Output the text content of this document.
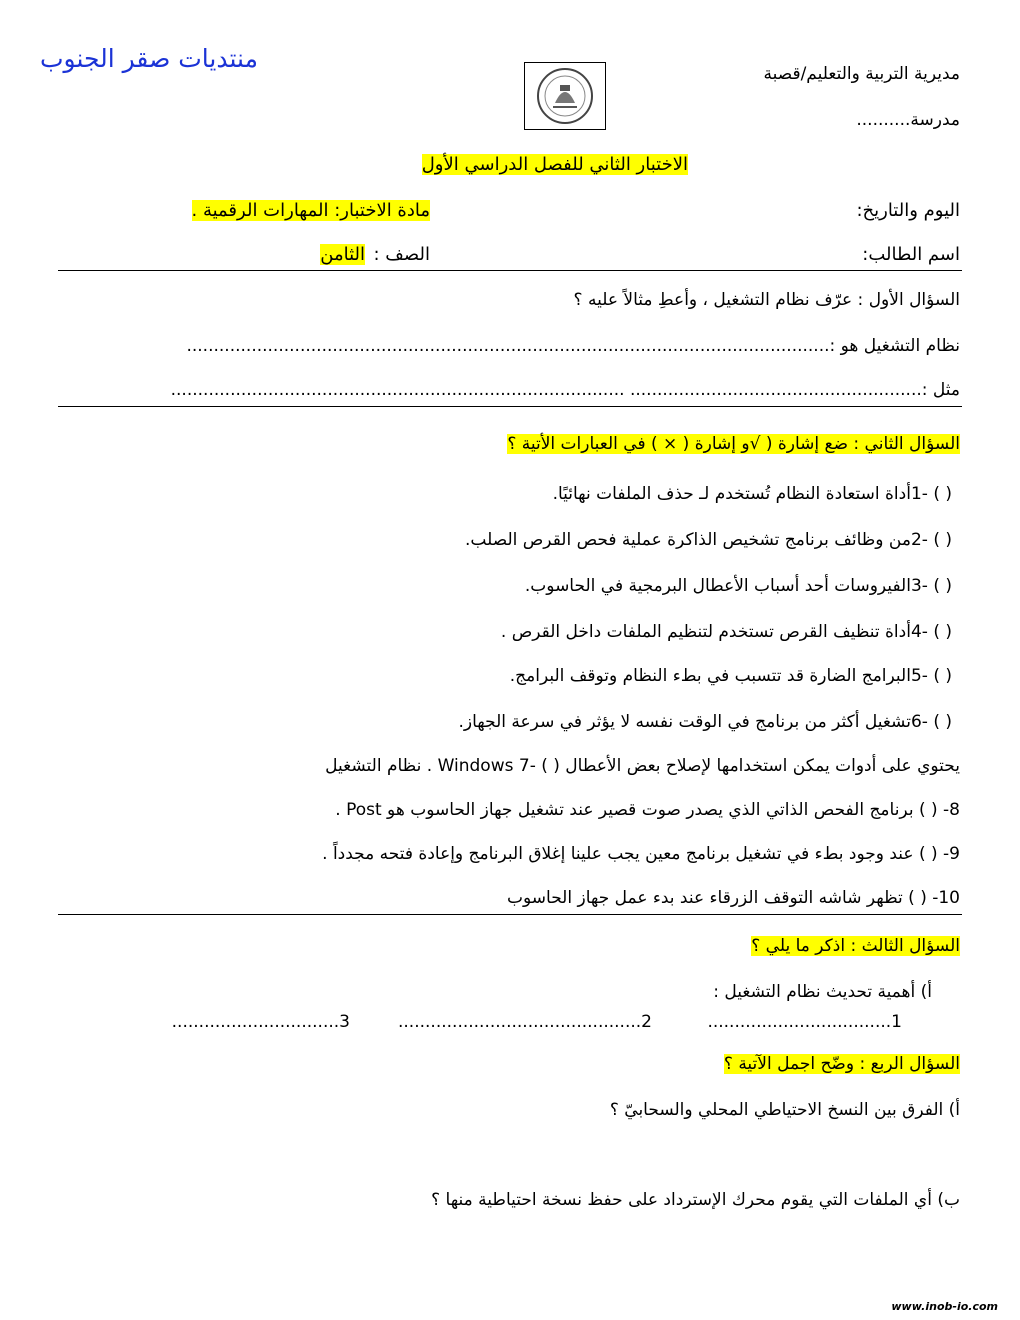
منتديات صقر الجنوب
مديرية التربية والتعليم/قصبة
مدرسة..........
الاختبار الثاني للفصل الدراسي الأول
اليوم والتاريخ:
مادة الاختبار: المهارات الرقمية .
اسم الطالب:
الصف :
الثامن
السؤال الأول : عرّف نظام التشغيل ، وأعطِ مثالاً عليه ؟
نظام التشغيل هو :.......................................................................................................................
مثل :...................................................... ....................................................................................
السؤال الثاني : ضع إشارة ( √و إشارة ( × ) في العبارات الأتية ؟
( ) -1أداة استعادة النظام تُستخدم لـ حذف الملفات نهائيًا.
( ) -2من وظائف برنامج تشخيص الذاكرة عملية فحص القرص الصلب.
( ) -3الفيروسات أحد أسباب الأعطال البرمجية في الحاسوب.
( ) -4أداة تنظيف القرص تستخدم لتنظيم الملفات داخل القرص .
( ) -5البرامج الضارة قد تتسبب في بطء النظام وتوقف البرامج.
( ) -6تشغيل أكثر من برنامج في الوقت نفسه لا يؤثر في سرعة الجهاز.
يحتوي على أدوات يمكن استخدامها لإصلاح بعض الأعطال ( ) -7 Windows . نظام التشغيل
8- ( ) برنامج الفحص الذاتي الذي يصدر صوت قصير عند تشغيل جهاز الحاسوب هو Post .
9- ( ) عند وجود بطء في تشغيل برنامج معين يجب علينا إغلاق البرنامج وإعادة فتحه مجدداً .
10- ( ) تظهر شاشه التوقف الزرقاء عند بدء عمل جهاز الحاسوب
السؤال الثالث : اذكر ما يلي ؟
أ) أهمية تحديث نظام التشغيل :
1..................................
2.............................................
3...............................
السؤال الربع : وضّح اجمل الآتية ؟
أ) الفرق بين النسخ الاحتياطي المحلي والسحابيّ ؟
ب) أي الملفات التي يقوم محرك الإسترداد على حفظ نسخة احتياطية منها ؟
www.inob-io.com
